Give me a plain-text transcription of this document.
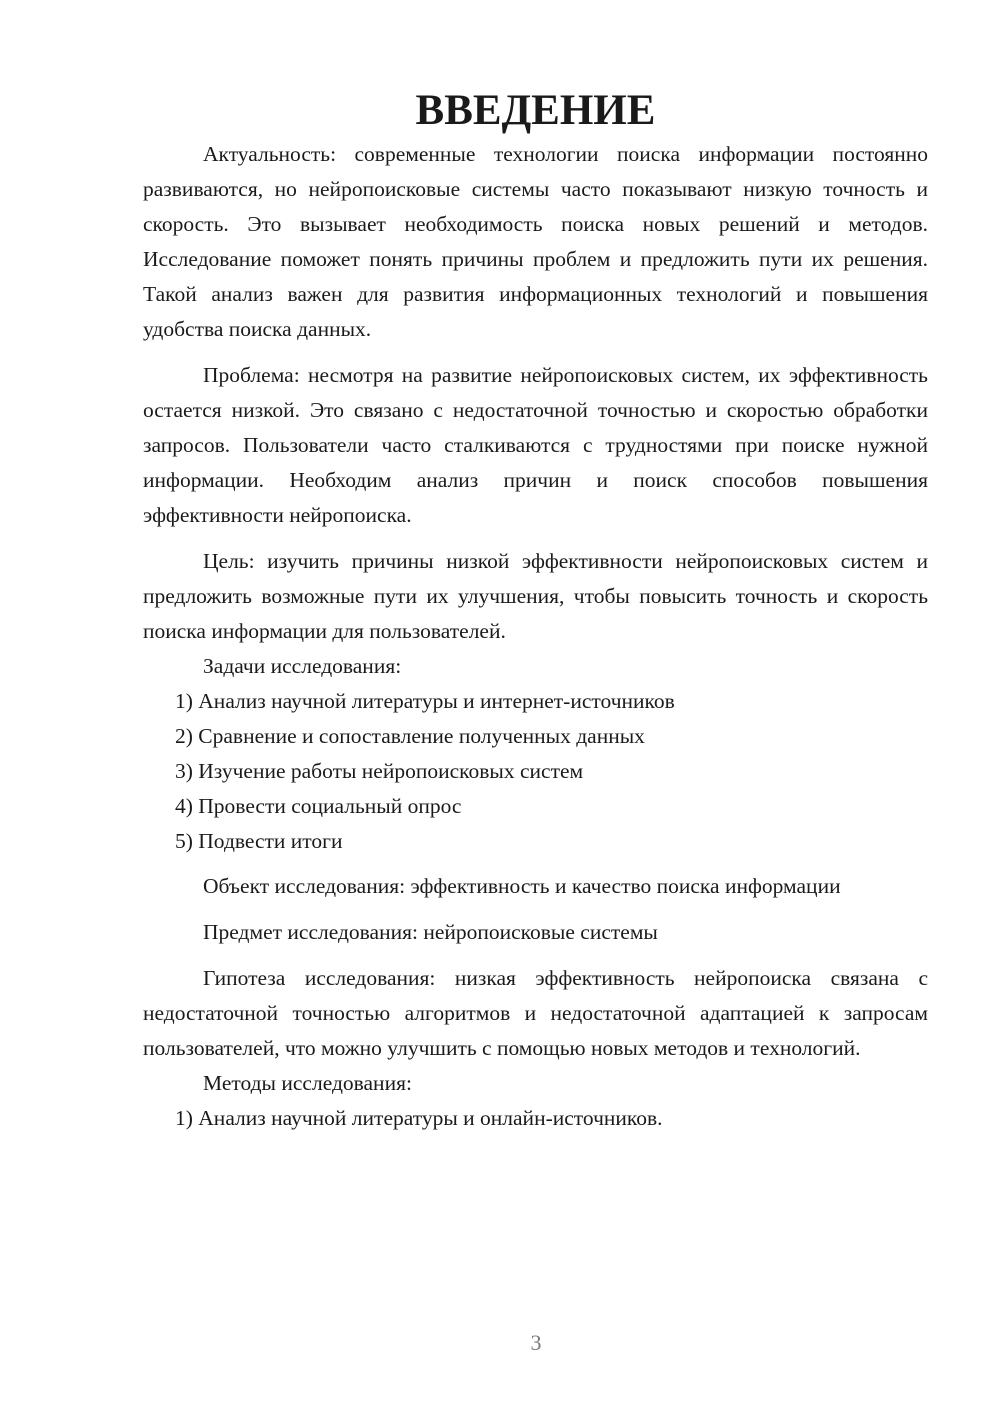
ВВЕДЕНИЕ

Актуальность: современные технологии поиска информации постоянно развиваются, но нейропоисковые системы часто показывают низкую точность и скорость. Это вызывает необходимость поиска новых решений и методов. Исследование поможет понять причины проблем и предложить пути их решения. Такой анализ важен для развития информационных технологий и повышения удобства поиска данных.

Проблема: несмотря на развитие нейропоисковых систем, их эффективность остается низкой. Это связано с недостаточной точностью и скоростью обработки запросов. Пользователи часто сталкиваются с трудностями при поиске нужной информации. Необходим анализ причин и поиск способов повышения эффективности нейропоиска.

Цель: изучить причины низкой эффективности нейропоисковых систем и предложить возможные пути их улучшения, чтобы повысить точность и скорость поиска информации для пользователей.

Задачи исследования:

1) Анализ научной литературы и интернет-источников

2) Сравнение и сопоставление полученных данных

3) Изучение работы нейропоисковых систем

4) Провести социальный опрос

5) Подвести итоги

Объект исследования: эффективность и качество поиска информации

Предмет исследования: нейропоисковые системы

Гипотеза исследования: низкая эффективность нейропоиска связана с недостаточной точностью алгоритмов и недостаточной адаптацией к запросам пользователей, что можно улучшить с помощью новых методов и технологий.

Методы исследования:

1) Анализ научной литературы и онлайн-источников.

3
